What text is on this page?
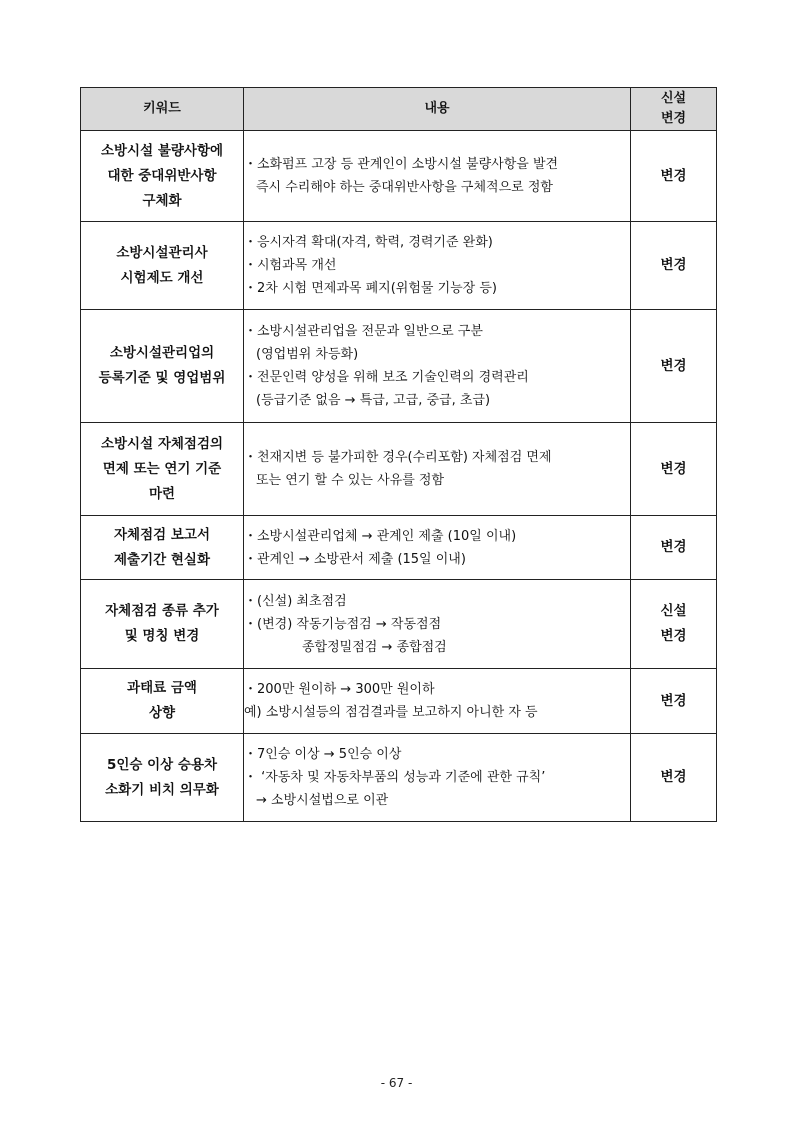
키워드	내용	신설
변경

소방시설 불량사항에
대한 중대위반사항
구체화	・소화펌프 고장 등 관계인이 소방시설 불량사항을 발견
즉시 수리해야 하는 중대위반사항을 구체적으로 정함	변경

소방시설관리사
시험제도 개선	・응시자격 확대(자격, 학력, 경력기준 완화)
・시험과목 개선
・2차 시험 면제과목 폐지(위험물 기능장 등)	변경

소방시설관리업의
등록기준 및 영업범위	・소방시설관리업을 전문과 일반으로 구분
(영업범위 차등화)
・전문인력 양성을 위해 보조 기술인력의 경력관리
(등급기준 없음 → 특급, 고급, 중급, 초급)	변경

소방시설 자체점검의
면제 또는 연기 기준
마련	・천재지변 등 불가피한 경우(수리포함) 자체점검 면제
또는 연기 할 수 있는 사유를 정함	변경

자체점검 보고서
제출기간 현실화	・소방시설관리업체 → 관계인 제출 (10일 이내)
・관계인 → 소방관서 제출 (15일 이내)	변경

자체점검 종류 추가
및 명칭 변경	・(신설) 최초점검
・(변경) 작동기능점검 → 작동점점
종합정밀점검 → 종합점검	신설
변경

과태료 금액
상향	・200만 원이하 → 300만 원이하
예) 소방시설등의 점검결과를 보고하지 아니한 자 등	변경

5인승 이상 승용차
소화기 비치 의무화	・7인승 이상 → 5인승 이상
・ ‘자동차 및 자동차부품의 성능과 기준에 관한 규칙’
→ 소방시설법으로 이관	변경
- 67 -
